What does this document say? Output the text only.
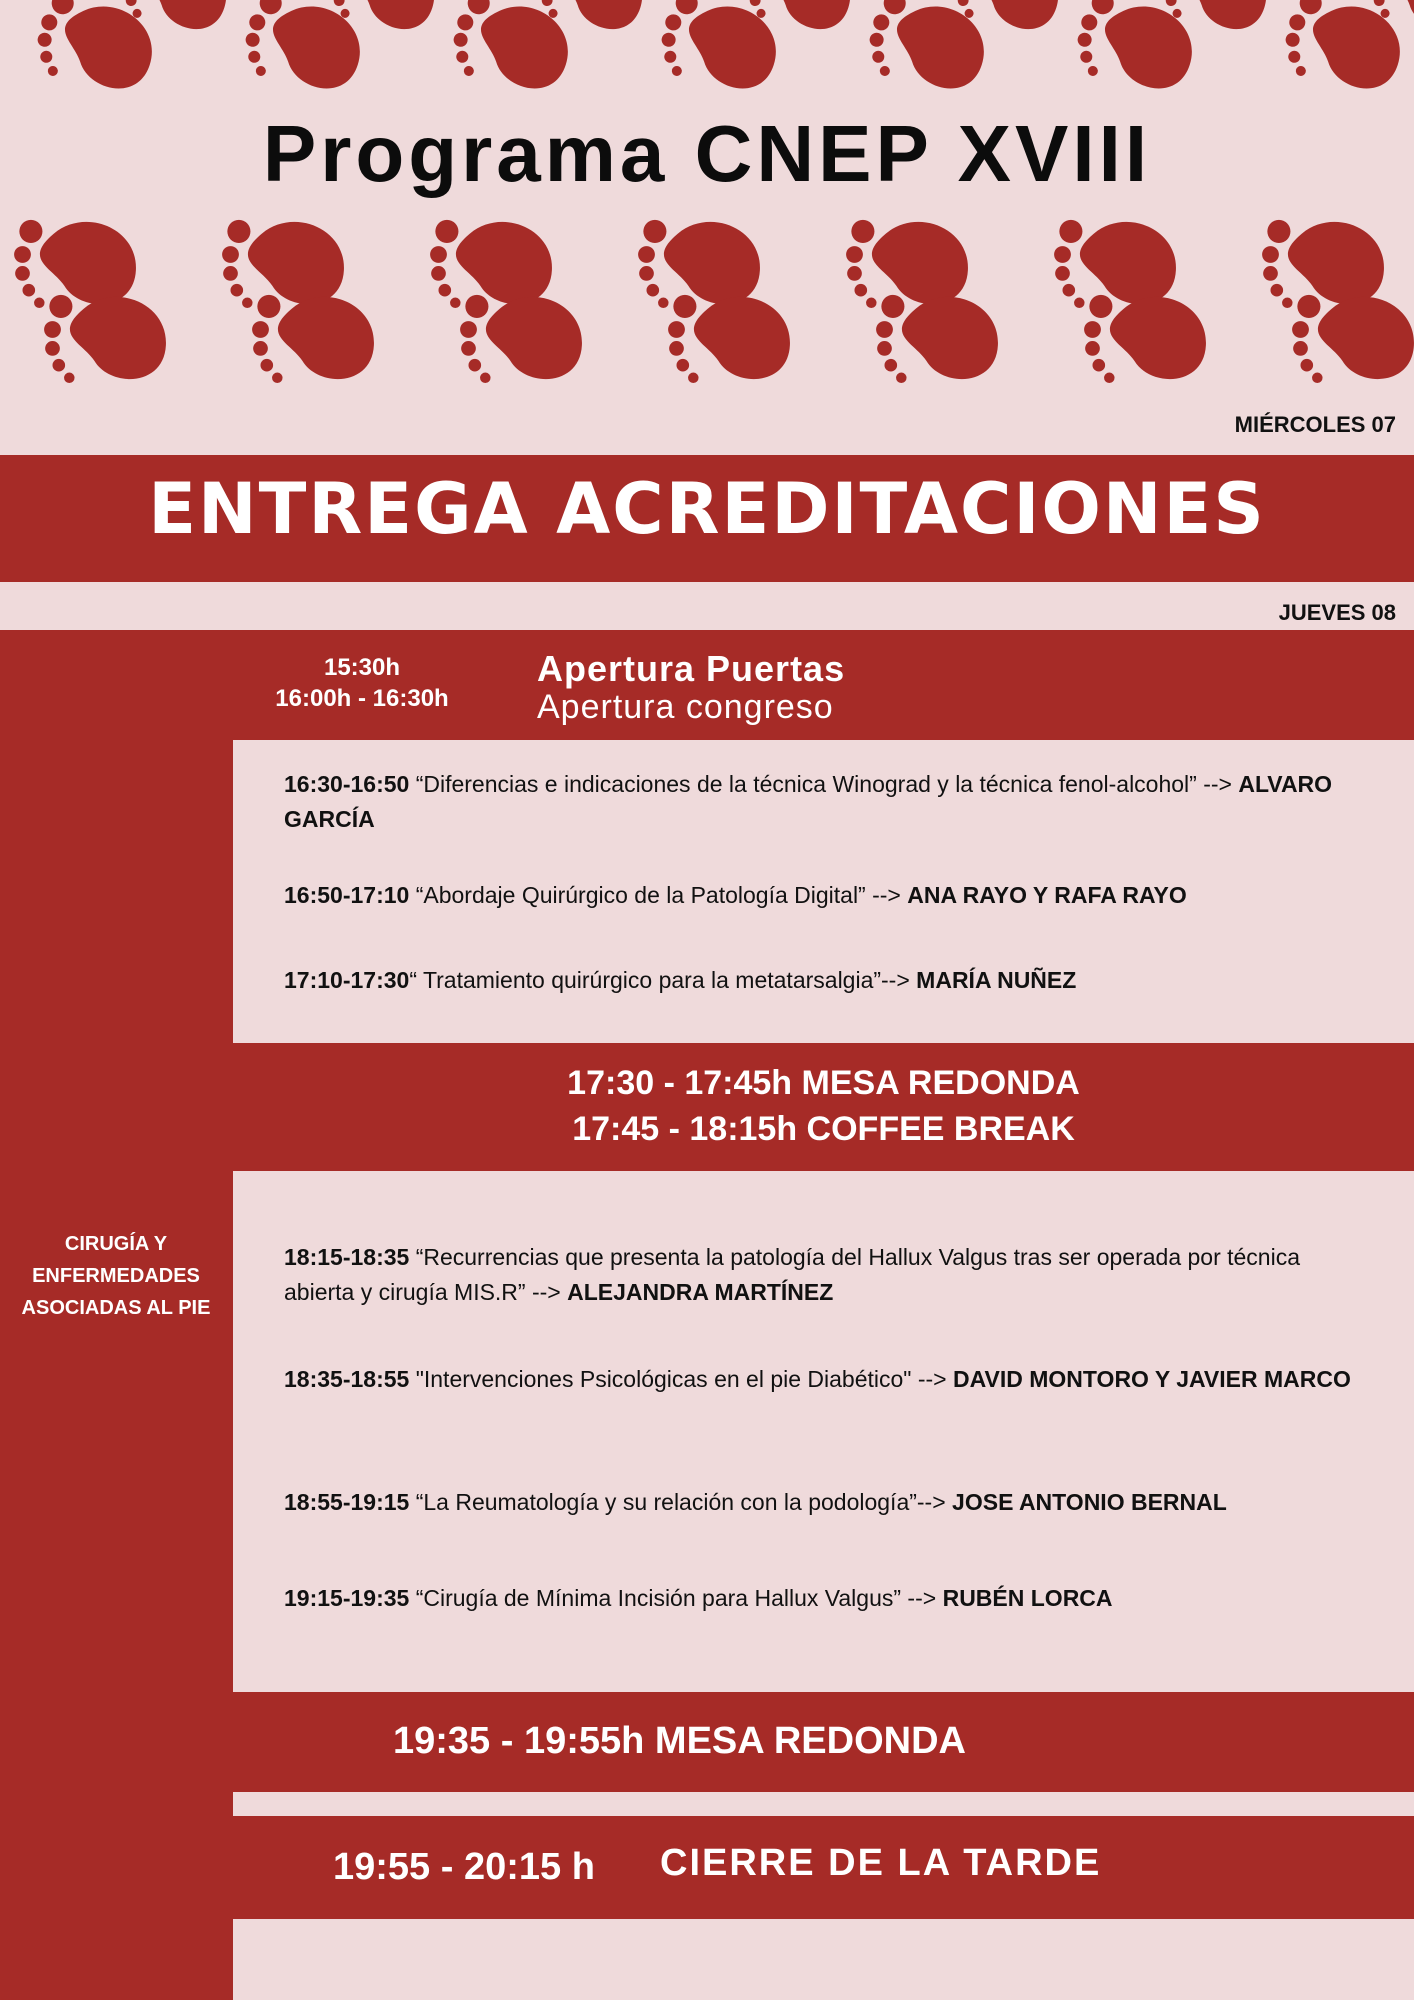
Programa CNEP XVIII
MIÉRCOLES 07
ENTREGA ACREDITACIONES
JUEVES 08
15:30h
16:00h - 16:30h
Apertura Puertas
Apertura congreso
16:30-16:50 “Diferencias e indicaciones de la técnica Winograd y la técnica fenol-alcohol” --> ALVARO GARCÍA
16:50-17:10 “Abordaje Quirúrgico de la Patología Digital” --> ANA RAYO Y RAFA RAYO
17:10-17:30“ Tratamiento quirúrgico para la metatarsalgia”--> MARÍA NUÑEZ
17:30 - 17:45h MESA REDONDA
17:45 - 18:15h COFFEE BREAK
CIRUGÍA Y
ENFERMEDADES
ASOCIADAS AL PIE
18:15-18:35 “Recurrencias que presenta la patología del Hallux Valgus tras ser operada por técnica abierta y cirugía MIS.R” --> ALEJANDRA MARTÍNEZ
18:35-18:55 "Intervenciones Psicológicas en el pie Diabético" --> DAVID MONTORO Y JAVIER MARCO
18:55-19:15 “La Reumatología y su relación con la podología”--> JOSE ANTONIO BERNAL
19:15-19:35 “Cirugía de Mínima Incisión para Hallux Valgus” --> RUBÉN LORCA
19:35 - 19:55h MESA REDONDA
19:55 - 20:15 h CIERRE DE LA TARDE
